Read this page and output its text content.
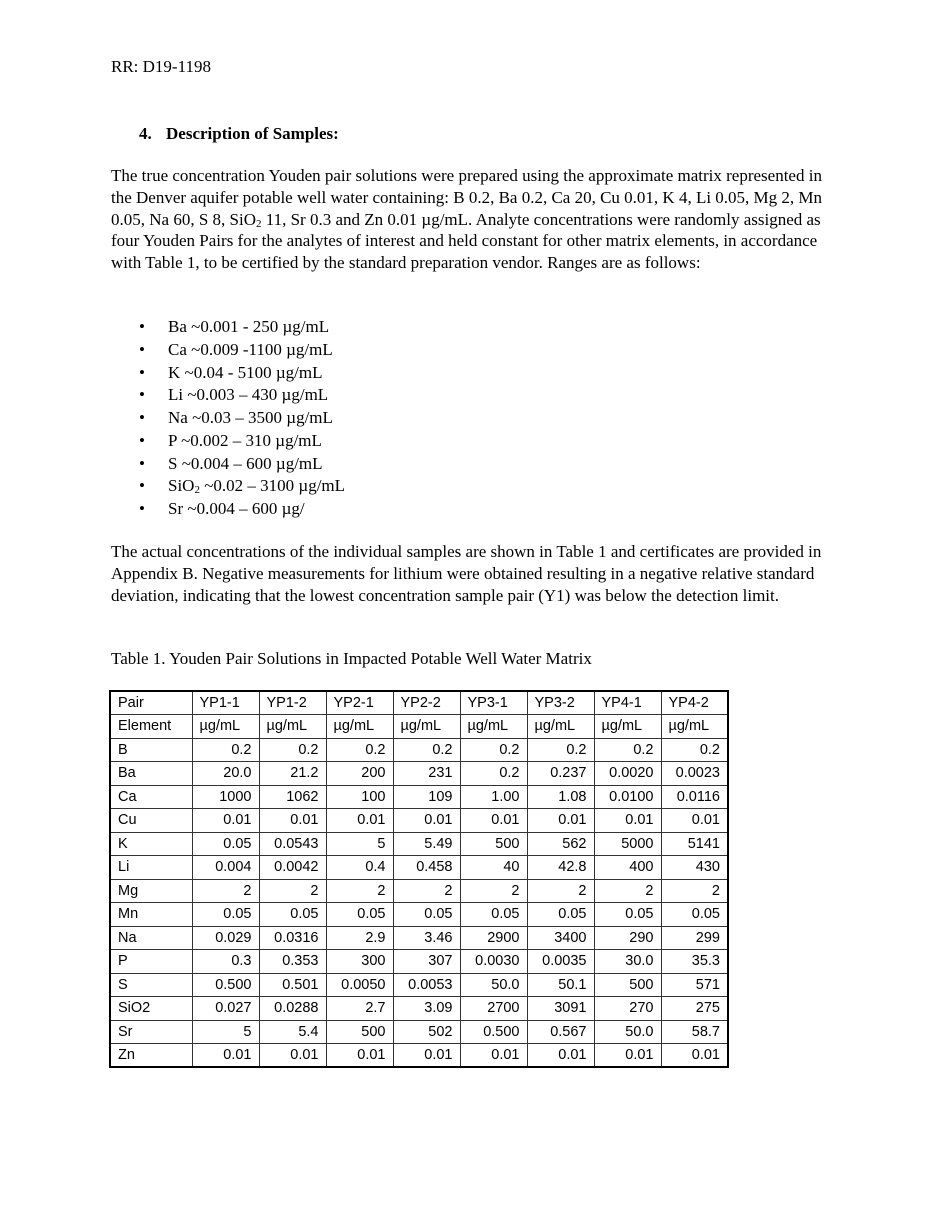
RR: D19-1198
4. Description of Samples:

The true concentration Youden pair solutions were prepared using the approximate matrix represented in the Denver aquifer potable well water containing: B 0.2, Ba 0.2, Ca 20, Cu 0.01, K 4, Li 0.05, Mg 2, Mn 0.05, Na 60, S 8, SiO$_2$ 11, Sr 0.3 and Zn 0.01 µg/mL. Analyte concentrations were randomly assigned as four Youden Pairs for the analytes of interest and held constant for other matrix elements, in accordance with Table 1, to be certified by the standard preparation vendor. Ranges are as follows:

• Ba ~0.001 - 250 µg/mL
• Ca ~0.009 -1100 µg/mL
• K ~0.04 - 5100 µg/mL
• Li ~0.003 – 430 µg/mL
• Na ~0.03 – 3500 µg/mL
• P ~0.002 – 310 µg/mL
• S ~0.004 – 600 µg/mL
• SiO$_2$ ~0.02 – 3100 µg/mL
• Sr ~0.004 – 600 µg/

The actual concentrations of the individual samples are shown in Table 1 and certificates are provided in Appendix B. Negative measurements for lithium were obtained resulting in a negative relative standard deviation, indicating that the lowest concentration sample pair (Y1) was below the detection limit.

Table 1. Youden Pair Solutions in Impacted Potable Well Water Matrix
Pair	YP1-1	YP1-2	YP2-1	YP2-2	YP3-1	YP3-2	YP4-1	YP4-2
Element	µg/mL	µg/mL	µg/mL	µg/mL	µg/mL	µg/mL	µg/mL	µg/mL
B	0.2	0.2	0.2	0.2	0.2	0.2	0.2	0.2
Ba	20.0	21.2	200	231	0.2	0.237	0.0020	0.0023
Ca	1000	1062	100	109	1.00	1.08	0.0100	0.0116
Cu	0.01	0.01	0.01	0.01	0.01	0.01	0.01	0.01
K	0.05	0.0543	5	5.49	500	562	5000	5141
Li	0.004	0.0042	0.4	0.458	40	42.8	400	430
Mg	2	2	2	2	2	2	2	2
Mn	0.05	0.05	0.05	0.05	0.05	0.05	0.05	0.05
Na	0.029	0.0316	2.9	3.46	2900	3400	290	299
P	0.3	0.353	300	307	0.0030	0.0035	30.0	35.3
S	0.500	0.501	0.0050	0.0053	50.0	50.1	500	571
SiO2	0.027	0.0288	2.7	3.09	2700	3091	270	275
Sr	5	5.4	500	502	0.500	0.567	50.0	58.7
Zn	0.01	0.01	0.01	0.01	0.01	0.01	0.01	0.01
